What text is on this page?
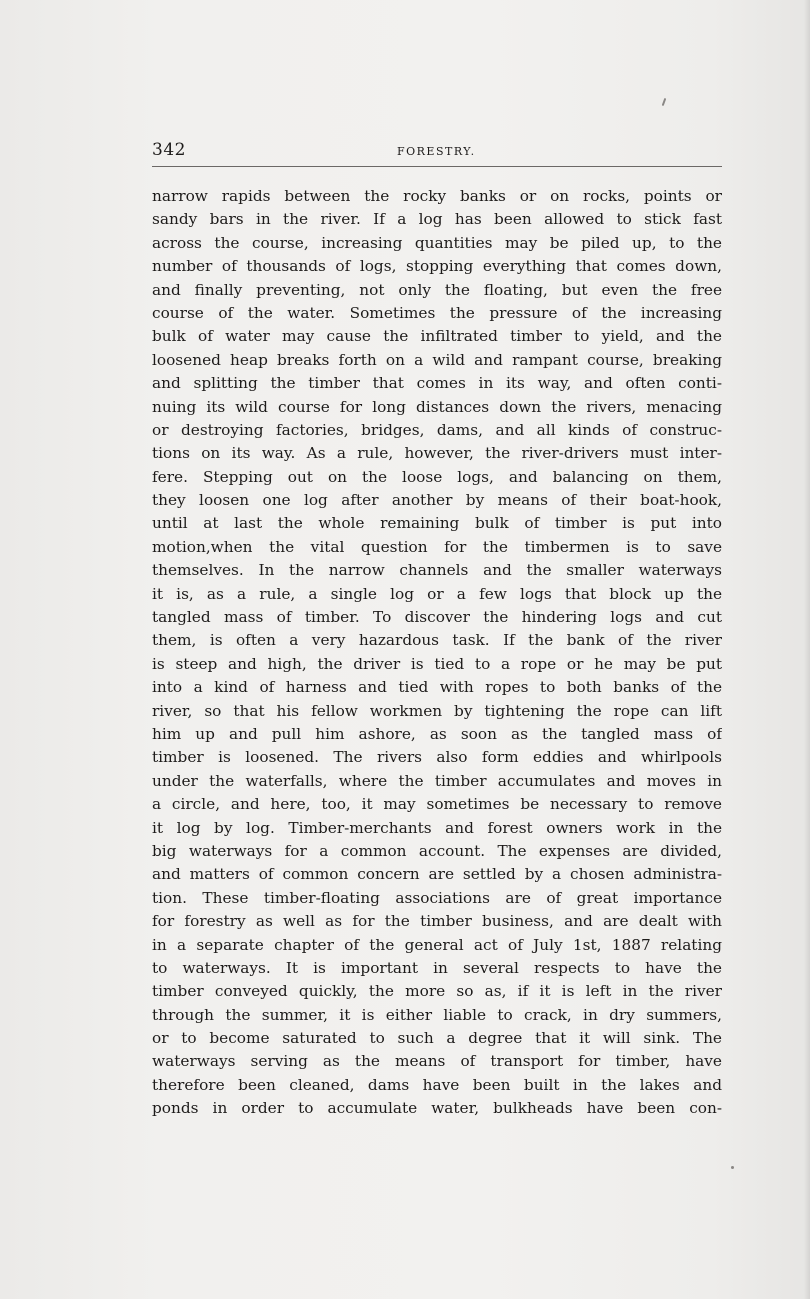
342	FORESTRY.
narrow rapids between the rocky banks or on rocks, points or
sandy bars in the river. If a log has been allowed to stick fast
across the course, increasing quantities may be piled up, to the
number of thousands of logs, stopping everything that comes down,
and finally preventing, not only the floating, but even the free
course of the water. Sometimes the pressure of the increasing
bulk of water may cause the infiltrated timber to yield, and the
loosened heap breaks forth on a wild and rampant course, breaking
and splitting the timber that comes in its way, and often conti-
nuing its wild course for long distances down the rivers, menacing
or destroying factories, bridges, dams, and all kinds of construc-
tions on its way. As a rule, however, the river-drivers must inter-
fere. Stepping out on the loose logs, and balancing on them,
they loosen one log after another by means of their boat-hook,
until at last the whole remaining bulk of timber is put into
motion,when the vital question for the timbermen is to save
themselves. In the narrow channels and the smaller waterways
it is, as a rule, a single log or a few logs that block up the
tangled mass of timber. To discover the hindering logs and cut
them, is often a very hazardous task. If the bank of the river
is steep and high, the driver is tied to a rope or he may be put
into a kind of harness and tied with ropes to both banks of the
river, so that his fellow workmen by tightening the rope can lift
him up and pull him ashore, as soon as the tangled mass of
timber is loosened. The rivers also form eddies and whirlpools
under the waterfalls, where the timber accumulates and moves in
a circle, and here, too, it may sometimes be necessary to remove
it log by log. Timber-merchants and forest owners work in the
big waterways for a common account. The expenses are divided,
and matters of common concern are settled by a chosen administra-
tion. These timber-floating associations are of great importance
for forestry as well as for the timber business, and are dealt with
in a separate chapter of the general act of July 1st, 1887 relating
to waterways. It is important in several respects to have the
timber conveyed quickly, the more so as, if it is left in the river
through the summer, it is either liable to crack, in dry summers,
or to become saturated to such a degree that it will sink. The
waterways serving as the means of transport for timber, have
therefore been cleaned, dams have been built in the lakes and
ponds in order to accumulate water, bulkheads have been con-
